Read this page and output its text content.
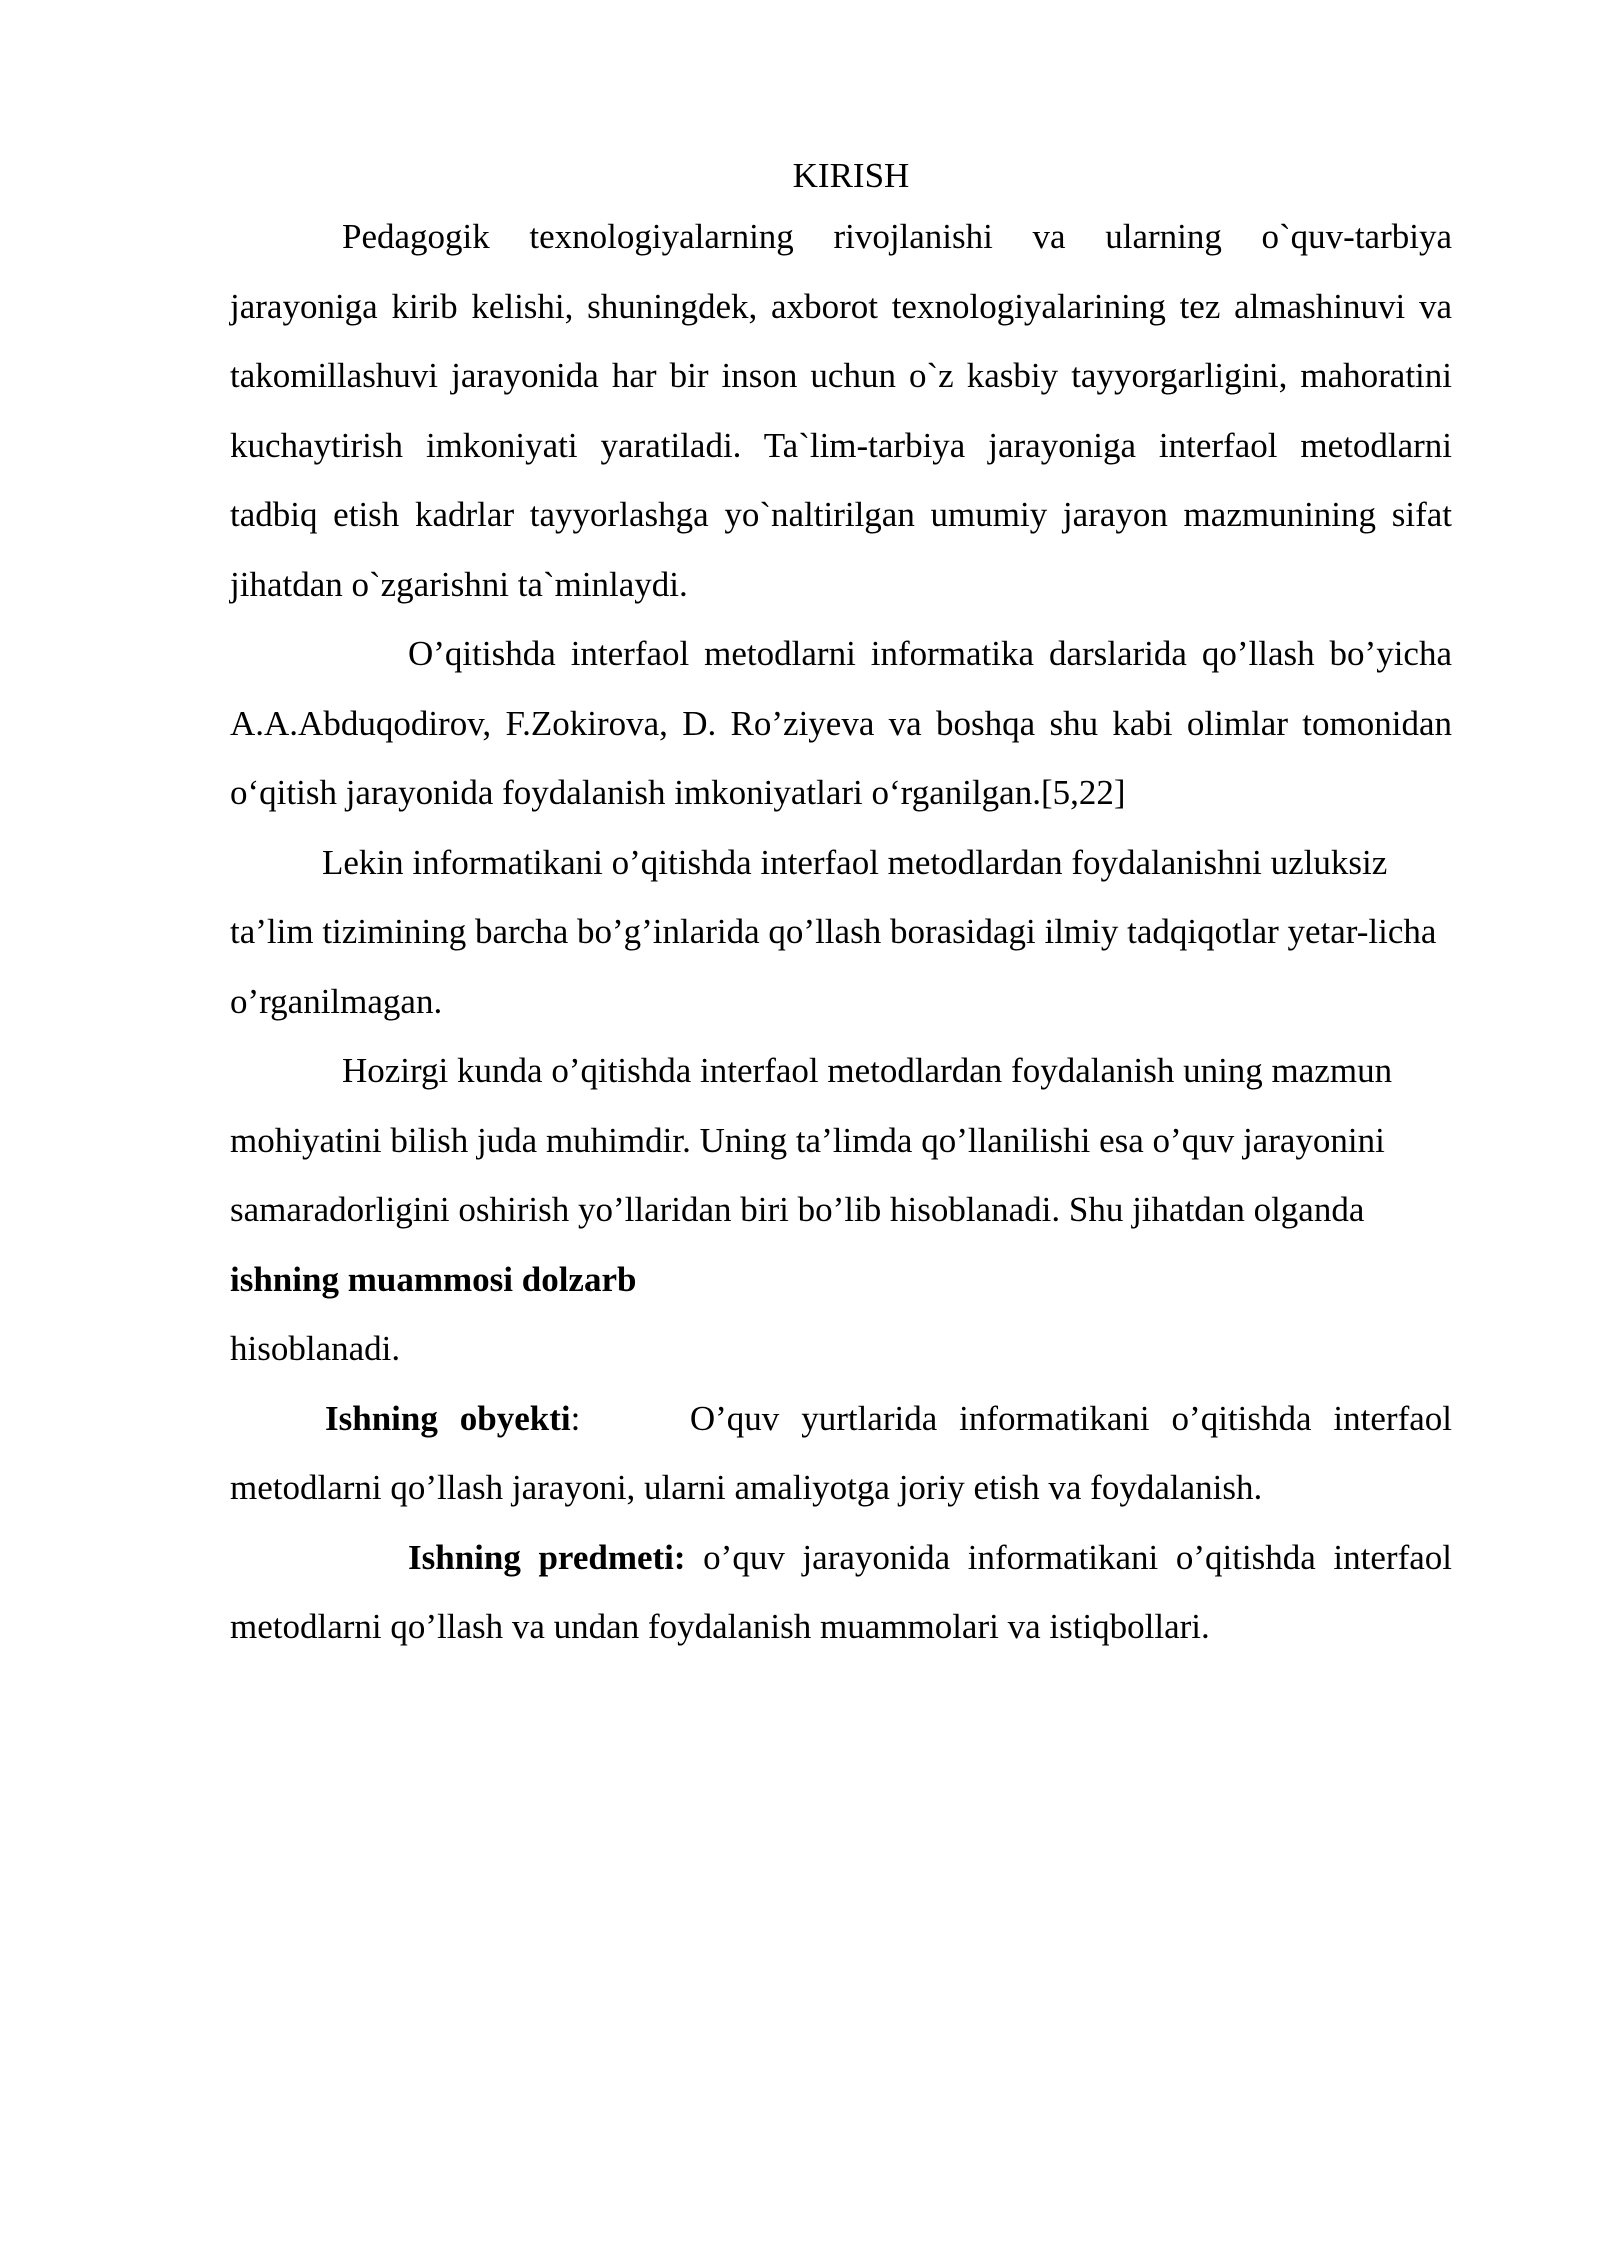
KIRISH

Pedagogik texnologiyalarning rivojlanishi va ularning o`quv-tarbiya jarayoniga kirib kelishi, shuningdek, axborot texnologiyalarining tez almashinuvi va takomillashuvi jarayonida har bir inson uchun o`z kasbiy tayyorgarligini, mahoratini kuchaytirish imkoniyati yaratiladi. Ta`lim-tarbiya jarayoniga interfaol metodlarni tadbiq etish kadrlar tayyorlashga yo`naltirilgan umumiy jarayon mazmunining sifat jihatdan o`zgarishni ta`minlaydi.

O’qitishda interfaol metodlarni informatika darslarida qo’llash bo’yicha A.A.Abduqodirov, F.Zokirova, D. Ro’ziyeva va boshqa shu kabi olimlar tomonidan o‘qitish jarayonida foydalanish imkoniyatlari o‘rganilgan.[5,22]

Lekin informatikani o’qitishda interfaol metodlardan foydalanishni uzluksiz ta’lim tizimining barcha bo’g’inlarida qo’llash borasidagi ilmiy tadqiqotlar yetar-licha o’rganilmagan.

Hozirgi kunda o’qitishda interfaol metodlardan foydalanish uning mazmun mohiyatini bilish juda muhimdir. Uning ta’limda qo’llanilishi esa o’quv jarayonini samaradorligini oshirish yo’llaridan biri bo’lib hisoblanadi. Shu jihatdan olganda ishning muammosi dolzarb
hisoblanadi.

Ishning obyekti:	O’quv yurtlarida informatikani o’qitishda interfaol metodlarni qo’llash jarayoni, ularni amaliyotga joriy etish va foydalanish.

Ishning predmeti: o’quv jarayonida informatikani o’qitishda interfaol metodlarni qo’llash va undan foydalanish muammolari va istiqbollari.
